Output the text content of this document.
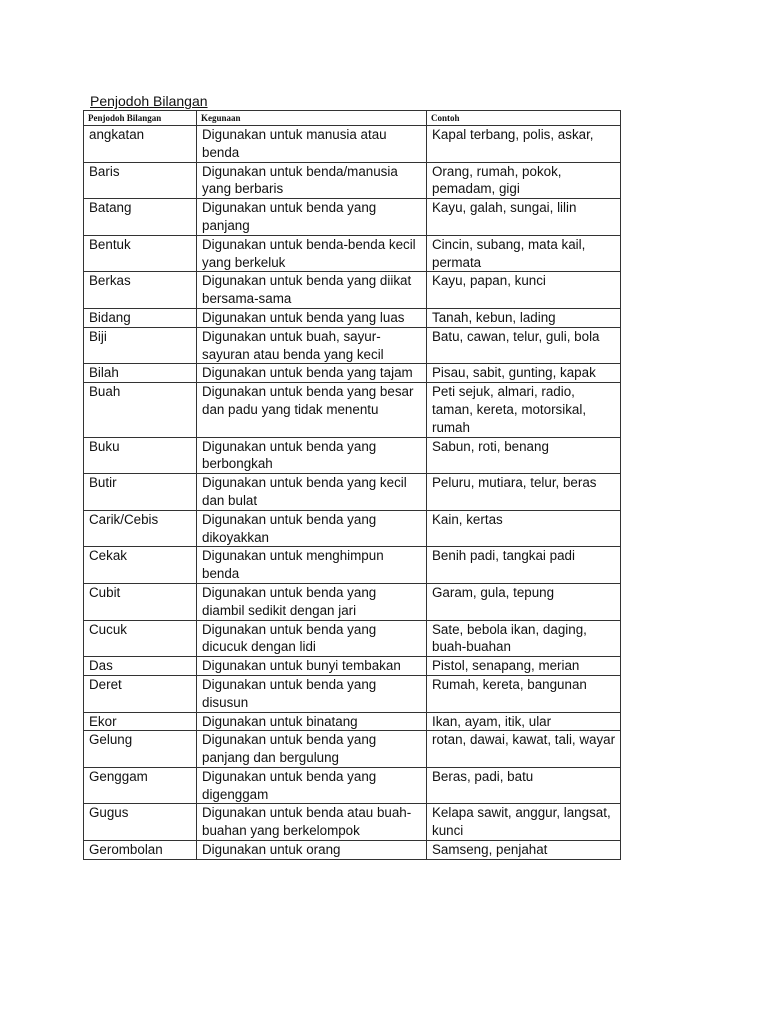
Penjodoh Bilangan
Penjodoh Bilangan	Kegunaan	Contoh
angkatan	Digunakan untuk manusia atau benda	Kapal terbang, polis, askar,
Baris	Digunakan untuk benda/manusia yang berbaris	Orang, rumah, pokok, pemadam, gigi
Batang	Digunakan untuk benda yang panjang	Kayu, galah, sungai, lilin
Bentuk	Digunakan untuk benda-benda kecil yang berkeluk	Cincin, subang, mata kail, permata
Berkas	Digunakan untuk benda yang diikat bersama-sama	Kayu, papan, kunci
Bidang	Digunakan untuk benda yang luas	Tanah, kebun, lading
Biji	Digunakan untuk buah, sayur-sayuran atau benda yang kecil	Batu, cawan, telur, guli, bola
Bilah	Digunakan untuk benda yang tajam	Pisau, sabit, gunting, kapak
Buah	Digunakan untuk benda yang besar dan padu yang tidak menentu	Peti sejuk, almari, radio, taman, kereta, motorsikal, rumah
Buku	Digunakan untuk benda yang berbongkah	Sabun, roti, benang
Butir	Digunakan untuk benda yang kecil dan bulat	Peluru, mutiara, telur, beras
Carik/Cebis	Digunakan untuk benda yang dikoyakkan	Kain, kertas
Cekak	Digunakan untuk menghimpun benda	Benih padi, tangkai padi
Cubit	Digunakan untuk benda yang diambil sedikit dengan jari	Garam, gula, tepung
Cucuk	Digunakan untuk benda yang dicucuk dengan lidi	Sate, bebola ikan, daging, buah-buahan
Das	Digunakan untuk bunyi tembakan	Pistol, senapang, merian
Deret	Digunakan untuk benda yang disusun	Rumah, kereta, bangunan
Ekor	Digunakan untuk binatang	Ikan, ayam, itik, ular
Gelung	Digunakan untuk benda yang panjang dan bergulung	rotan, dawai, kawat, tali, wayar
Genggam	Digunakan untuk benda yang digenggam	Beras, padi, batu
Gugus	Digunakan untuk benda atau buah-buahan yang berkelompok	Kelapa sawit, anggur, langsat, kunci
Gerombolan	Digunakan untuk orang	Samseng, penjahat
